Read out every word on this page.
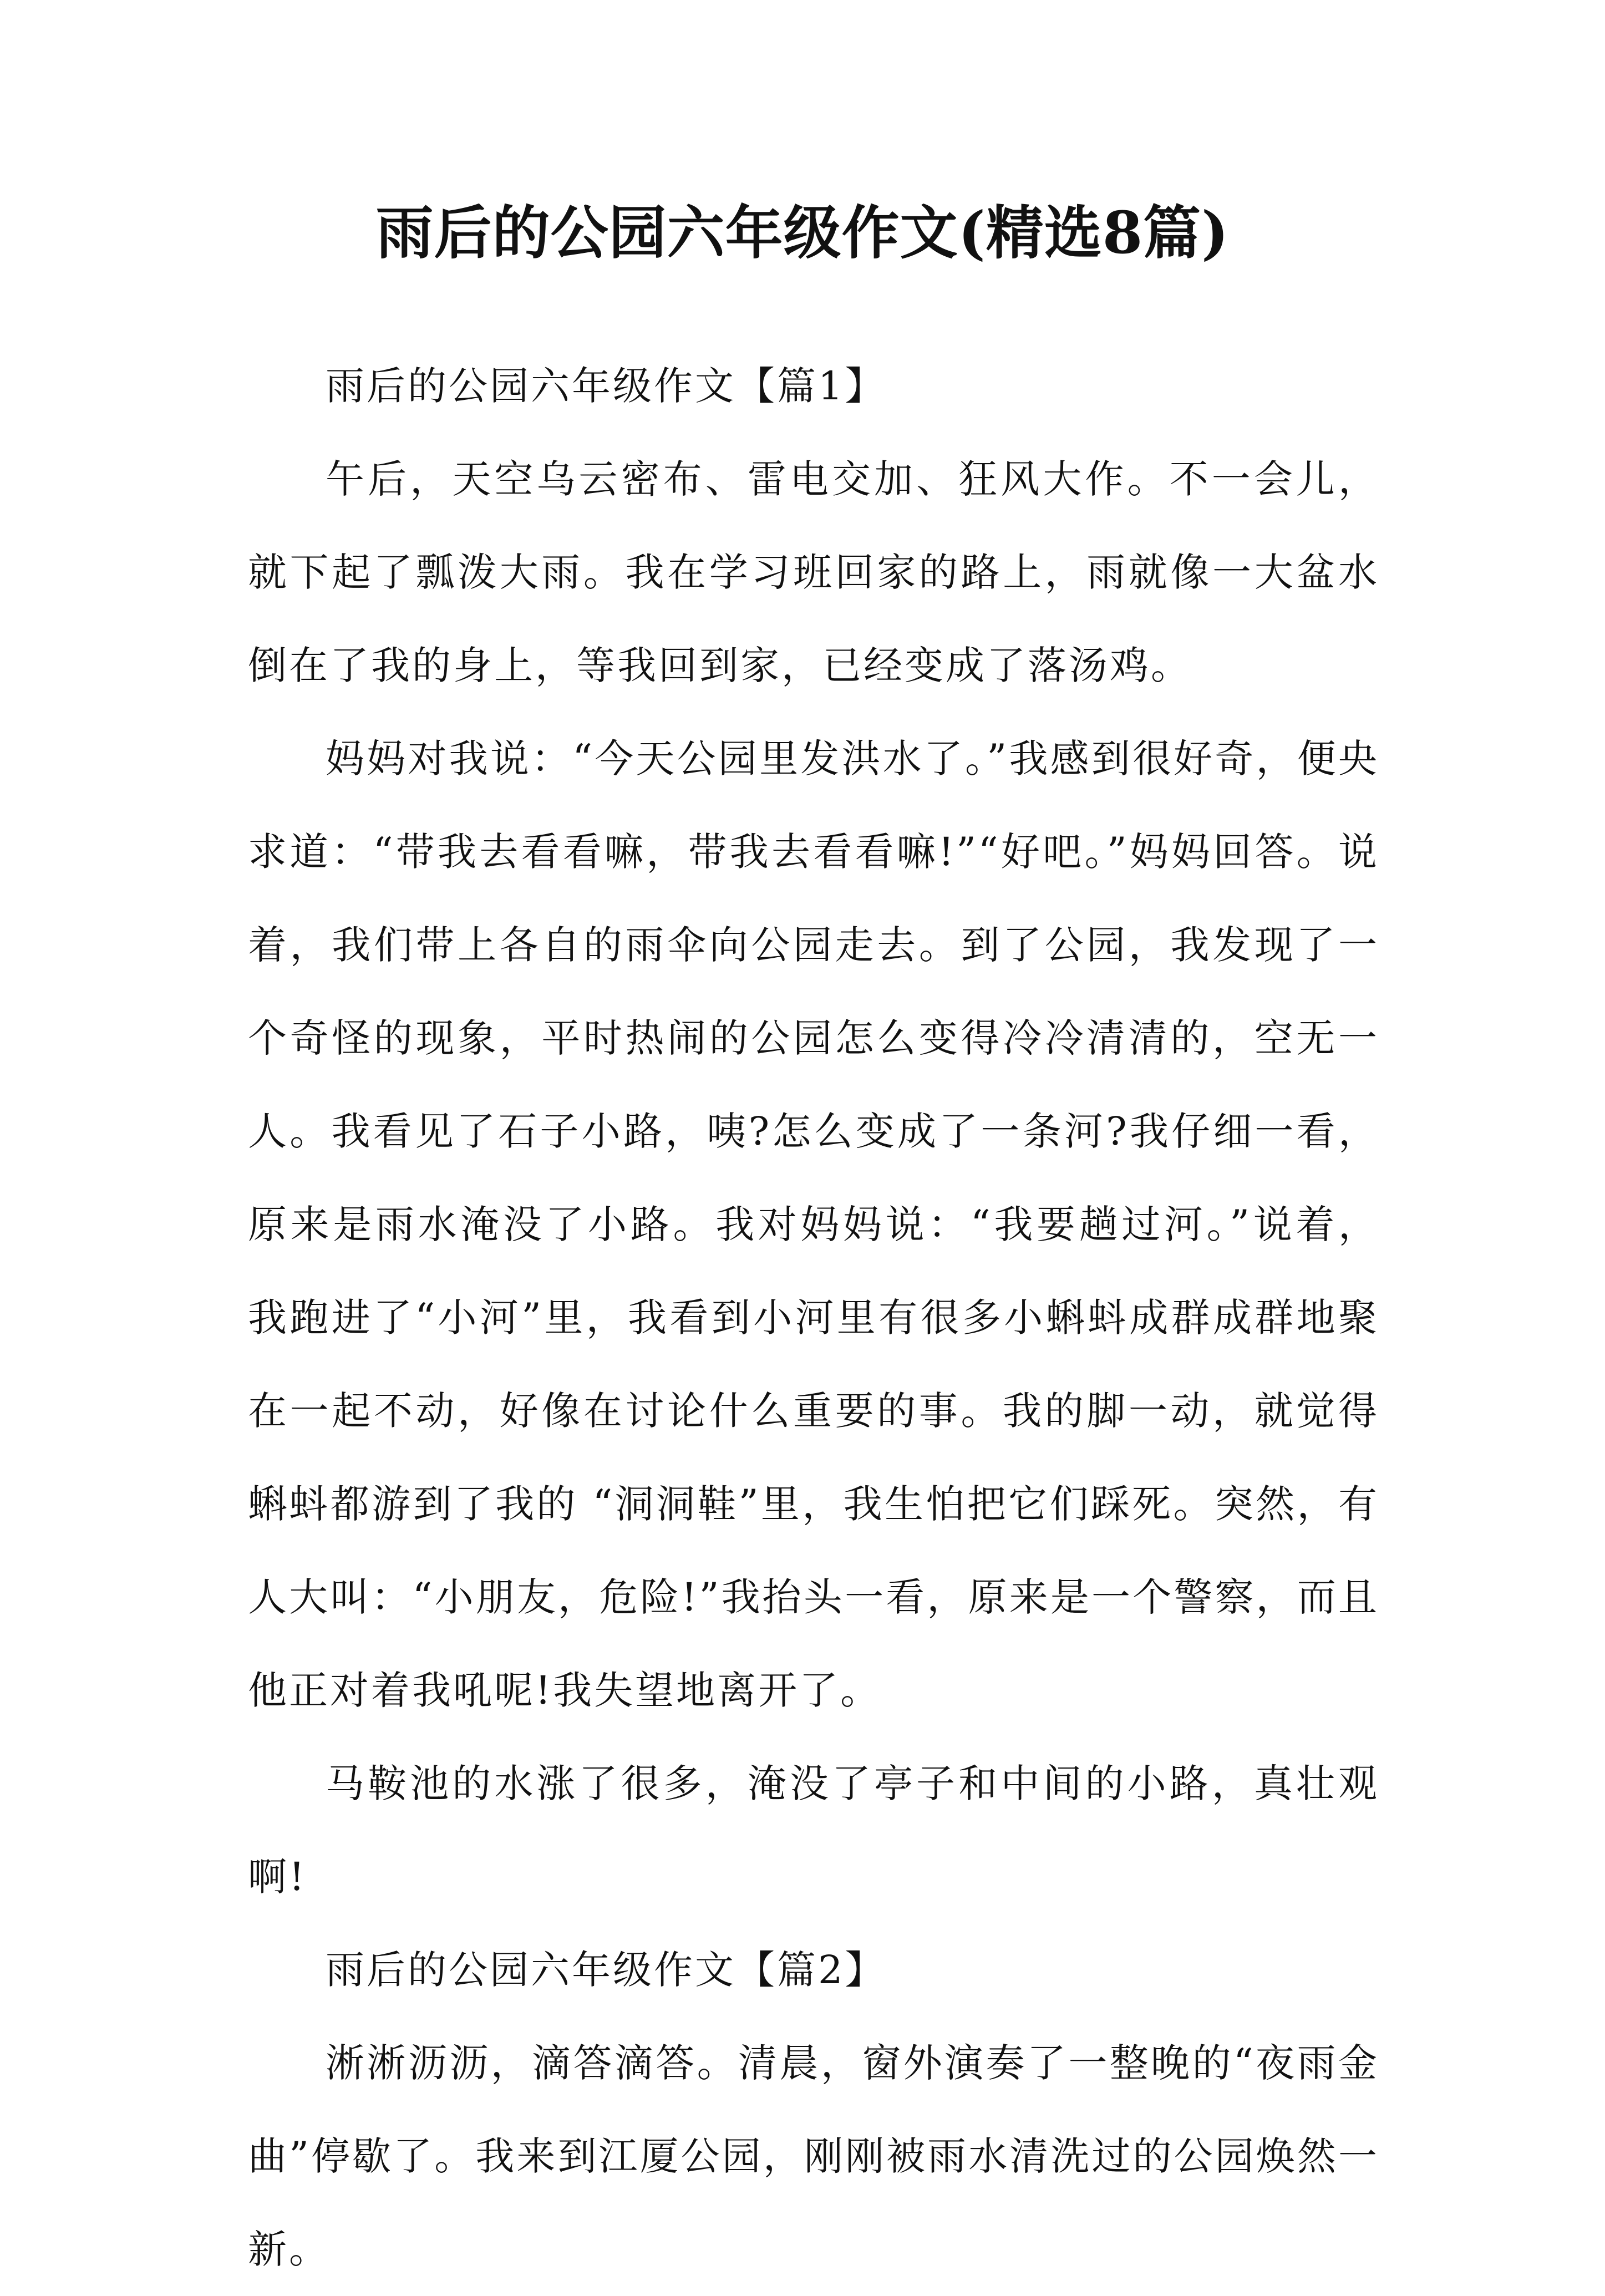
雨后的公园六年级作文(精选8篇)

雨后的公园六年级作文【篇1】

午后，天空乌云密布、雷电交加、狂风大作。不一会儿，就下起了瓢泼大雨。我在学习班回家的路上，雨就像一大盆水倒在了我的身上，等我回到家，已经变成了落汤鸡。

妈妈对我说：“今天公园里发洪水了。”我感到很好奇，便央求道：“带我去看看嘛，带我去看看嘛!”“好吧。”妈妈回答。说着，我们带上各自的雨伞向公园走去。到了公园，我发现了一个奇怪的现象，平时热闹的公园怎么变得冷冷清清的，空无一人。我看见了石子小路，咦?怎么变成了一条河?我仔细一看，原来是雨水淹没了小路。我对妈妈说：“我要趟过河。”说着，我跑进了“小河”里，我看到小河里有很多小蝌蚪成群成群地聚在一起不动，好像在讨论什么重要的事。我的脚一动，就觉得蝌蚪都游到了我的 “洞洞鞋”里，我生怕把它们踩死。突然，有人大叫：“小朋友，危险!”我抬头一看，原来是一个警察，而且他正对着我吼呢!我失望地离开了。

马鞍池的水涨了很多，淹没了亭子和中间的小路，真壮观啊!

雨后的公园六年级作文【篇2】

淅淅沥沥，滴答滴答。清晨，窗外演奏了一整晚的“夜雨金曲”停歇了。我来到江厦公园，刚刚被雨水清洗过的公园焕然一新。
